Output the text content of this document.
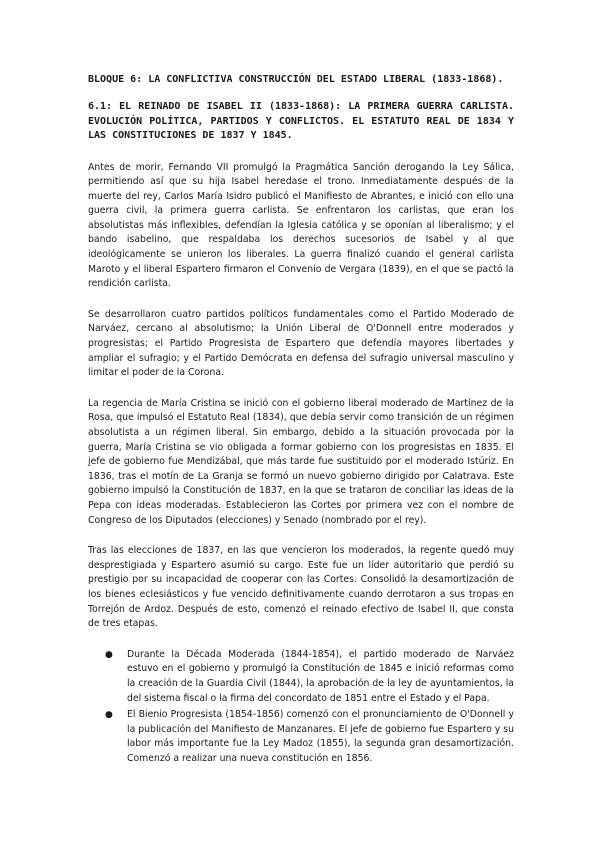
BLOQUE 6: LA CONFLICTIVA CONSTRUCCIÓN DEL ESTADO LIBERAL (1833-1868).
6.1: EL REINADO DE ISABEL II (1833-1868): LA PRIMERA GUERRA CARLISTA. EVOLUCIÓN POLÍTICA, PARTIDOS Y CONFLICTOS. EL ESTATUTO REAL DE 1834 Y LAS CONSTITUCIONES DE 1837 Y 1845.

Antes de morir, Fernando VII promulgó la Pragmática Sanción derogando la Ley Sálica, permitiendo así que su hija Isabel heredase el trono. Inmediatamente después de la muerte del rey, Carlos María Isidro publicó el Manifiesto de Abrantes, e inició con ello una guerra civil, la primera guerra carlista. Se enfrentaron los carlistas, que eran los absolutistas más inflexibles, defendían la Iglesia católica y se oponían al liberalismo; y el bando isabelino, que respaldaba los derechos sucesorios de Isabel y al que ideológicamente se unieron los liberales. La guerra finalizó cuando el general carlista Maroto y el liberal Espartero firmaron el Convenio de Vergara (1839), en el que se pactó la rendición carlista.

Se desarrollaron cuatro partidos políticos fundamentales como el Partido Moderado de Narváez, cercano al absolutismo; la Unión Liberal de O'Donnell entre moderados y progresistas; el Partido Progresista de Espartero que defendía mayores libertades y ampliar el sufragio; y el Partido Demócrata en defensa del sufragio universal masculino y limitar el poder de la Corona.

La regencia de María Cristina se inició con el gobierno liberal moderado de Martínez de la Rosa, que impulsó el Estatuto Real (1834), que debía servir como transición de un régimen absolutista a un régimen liberal. Sin embargo, debido a la situación provocada por la guerra, María Cristina se vio obligada a formar gobierno con los progresistas en 1835. El jefe de gobierno fue Mendizábal, que más tarde fue sustituido por el moderado Istúriz. En 1836, tras el motín de La Granja se formó un nuevo gobierno dirigido por Calatrava. Este gobierno impulsó la Constitución de 1837, en la que se trataron de conciliar las ideas de la Pepa con ideas moderadas. Establecieron las Cortes por primera vez con el nombre de Congreso de los Diputados (elecciones) y Senado (nombrado por el rey).

Tras las elecciones de 1837, en las que vencieron los moderados, la regente quedó muy desprestigiada y Espartero asumió su cargo. Este fue un líder autoritario que perdió su prestigio por su incapacidad de cooperar con las Cortes. Consolidó la desamortización de los bienes eclesiásticos y fue vencido definitivamente cuando derrotaron a sus tropas en Torrejón de Ardoz. Después de esto, comenzó el reinado efectivo de Isabel II, que consta de tres etapas.

● Durante la Década Moderada (1844-1854), el partido moderado de Narváez estuvo en el gobierno y promulgó la Constitución de 1845 e inició reformas como la creación de la Guardia Civil (1844), la aprobación de la ley de ayuntamientos, la del sistema fiscal o la firma del concordato de 1851 entre el Estado y el Papa.
● El Bienio Progresista (1854-1856) comenzó con el pronunciamiento de O'Donnell y la publicación del Manifiesto de Manzanares. El jefe de gobierno fue Espartero y su labor más importante fue la Ley Madoz (1855), la segunda gran desamortización. Comenzó a realizar una nueva constitución en 1856.
